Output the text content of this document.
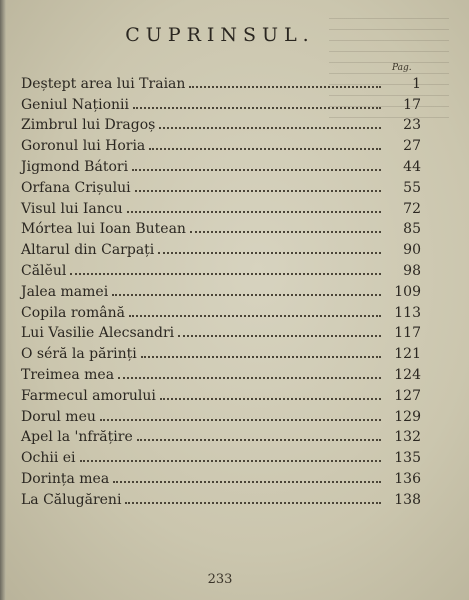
CUPRINSUL.
Pag.
Deștept area lui Traian	1
Geniul Naționii	17
Zimbrul lui Dragoș	23
Goronul lui Horia	27
Jigmond Bátori	44
Orfana Crișului	55
Visul lui Iancu	72
Mórtea lui Ioan Butean	85
Altarul din Carpați	90
Călĕul	98
Jalea mamei	109
Copila română	113
Lui Vasilie Alecsandri	117
O séră la părinți	121
Treimea mea	124
Farmecul amorului	127
Dorul meu	129
Apel la 'nfrățire	132
Ochii ei	135
Dorința mea	136
La Călugăreni	138
233
